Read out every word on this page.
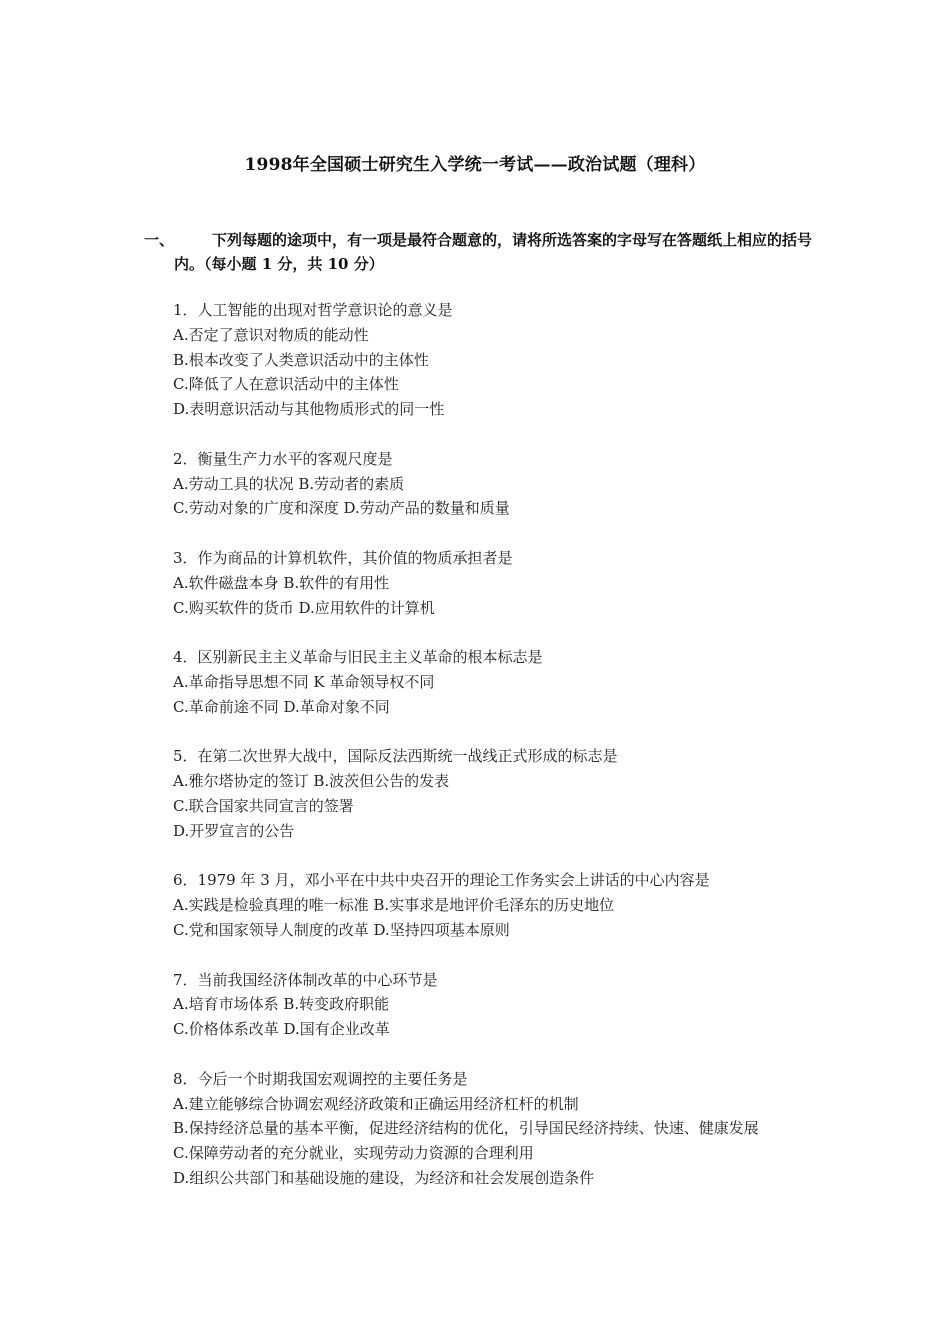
1998年全国硕士研究生入学统一考试——政治试题（理科）
一、	下列每题的途项中，有一项是最符合题意的，请将所选答案的字母写在答题纸上相应的括号内。（每小题 1 分，共 10 分）
1．人工智能的出现对哲学意识论的意义是
A.否定了意识对物质的能动性
B.根本改变了人类意识活动中的主体性
C.降低了人在意识活动中的主体性
D.表明意识活动与其他物质形式的同一性
2．衡量生产力水平的客观尺度是
A.劳动工具的状况 B.劳动者的素质
C.劳动对象的广度和深度 D.劳动产品的数量和质量
3．作为商品的计算机软件，其价值的物质承担者是
A.软件磁盘本身 B.软件的有用性
C.购买软件的货币 D.应用软件的计算机
4．区别新民主主义革命与旧民主主义革命的根本标志是
A.革命指导思想不同 K 革命领导权不同
C.革命前途不同 D.革命对象不同
5．在第二次世界大战中，国际反法西斯统一战线正式形成的标志是
A.雅尔塔协定的签订 B.波茨但公告的发表
C.联合国家共同宣言的签署
D.开罗宣言的公告
6．1979 年 3 月，邓小平在中共中央召开的理论工作务实会上讲话的中心内容是
A.实践是检验真理的唯一标准 B.实事求是地评价毛泽东的历史地位
C.党和国家领导人制度的改革 D.坚持四项基本原则
7．当前我国经济体制改革的中心环节是
A.培育市场体系 B.转变政府职能
C.价格体系改革 D.国有企业改革
8．今后一个时期我国宏观调控的主要任务是
A.建立能够综合协调宏观经济政策和正确运用经济杠杆的机制
B.保持经济总量的基本平衡，促进经济结构的优化，引导国民经济持续、快速、健康发展
C.保障劳动者的充分就业，实现劳动力资源的合理利用
D.组织公共部门和基础设施的建设，为经济和社会发展创造条件
